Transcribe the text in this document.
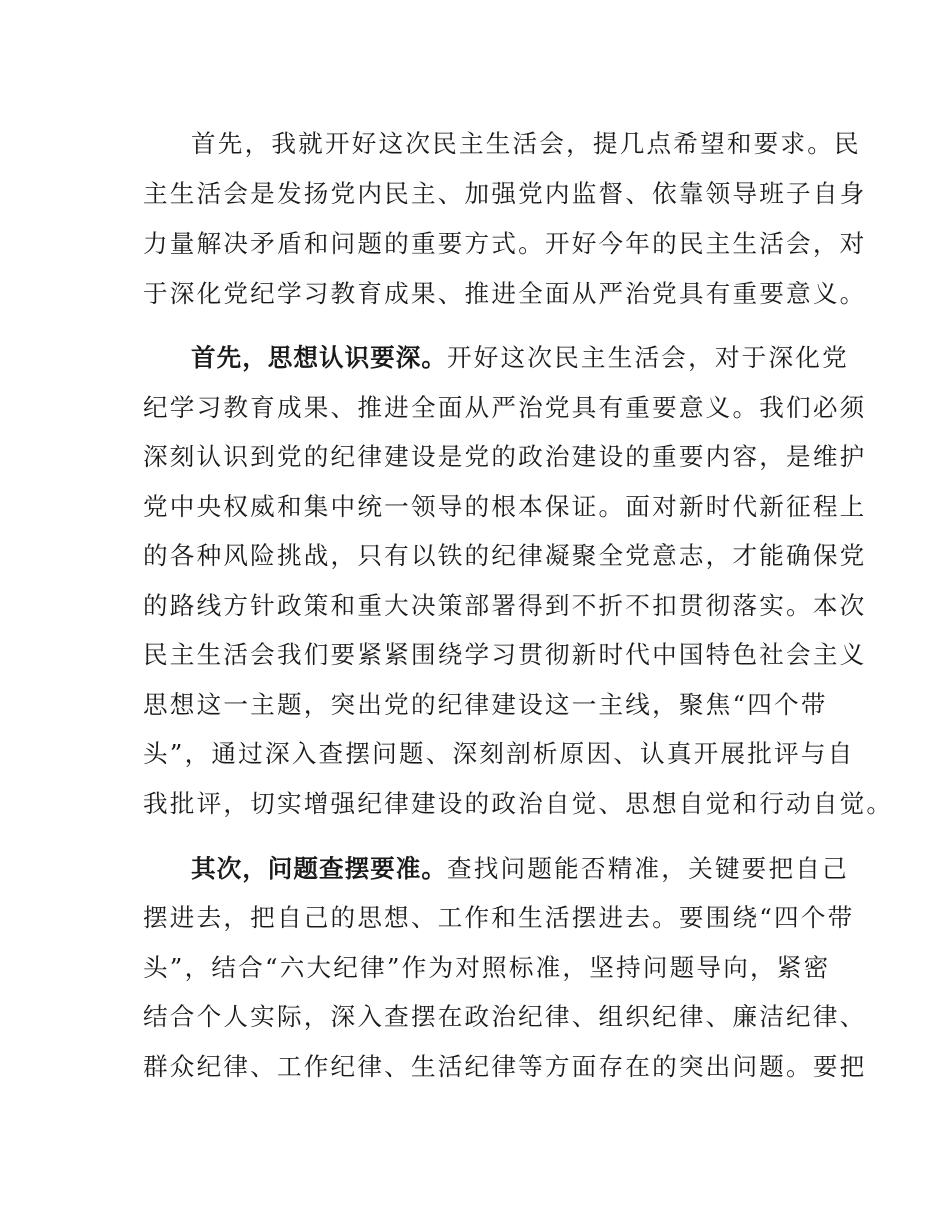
首先，我就开好这次民主生活会，提几点希望和要求。民
主生活会是发扬党内民主、加强党内监督、依靠领导班子自身
力量解决矛盾和问题的重要方式。开好今年的民主生活会，对
于深化党纪学习教育成果、推进全面从严治党具有重要意义。
首先，思想认识要深。开好这次民主生活会，对于深化党
纪学习教育成果、推进全面从严治党具有重要意义。我们必须
深刻认识到党的纪律建设是党的政治建设的重要内容，是维护
党中央权威和集中统一领导的根本保证。面对新时代新征程上
的各种风险挑战，只有以铁的纪律凝聚全党意志，才能确保党
的路线方针政策和重大决策部署得到不折不扣贯彻落实。本次
民主生活会我们要紧紧围绕学习贯彻新时代中国特色社会主义
思想这一主题，突出党的纪律建设这一主线，聚焦“四个带
头”，通过深入查摆问题、深刻剖析原因、认真开展批评与自
我批评，切实增强纪律建设的政治自觉、思想自觉和行动自觉。
其次，问题查摆要准。查找问题能否精准，关键要把自己
摆进去，把自己的思想、工作和生活摆进去。要围绕“四个带
头”，结合“六大纪律”作为对照标准，坚持问题导向，紧密
结合个人实际，深入查摆在政治纪律、组织纪律、廉洁纪律、
群众纪律、工作纪律、生活纪律等方面存在的突出问题。要把
